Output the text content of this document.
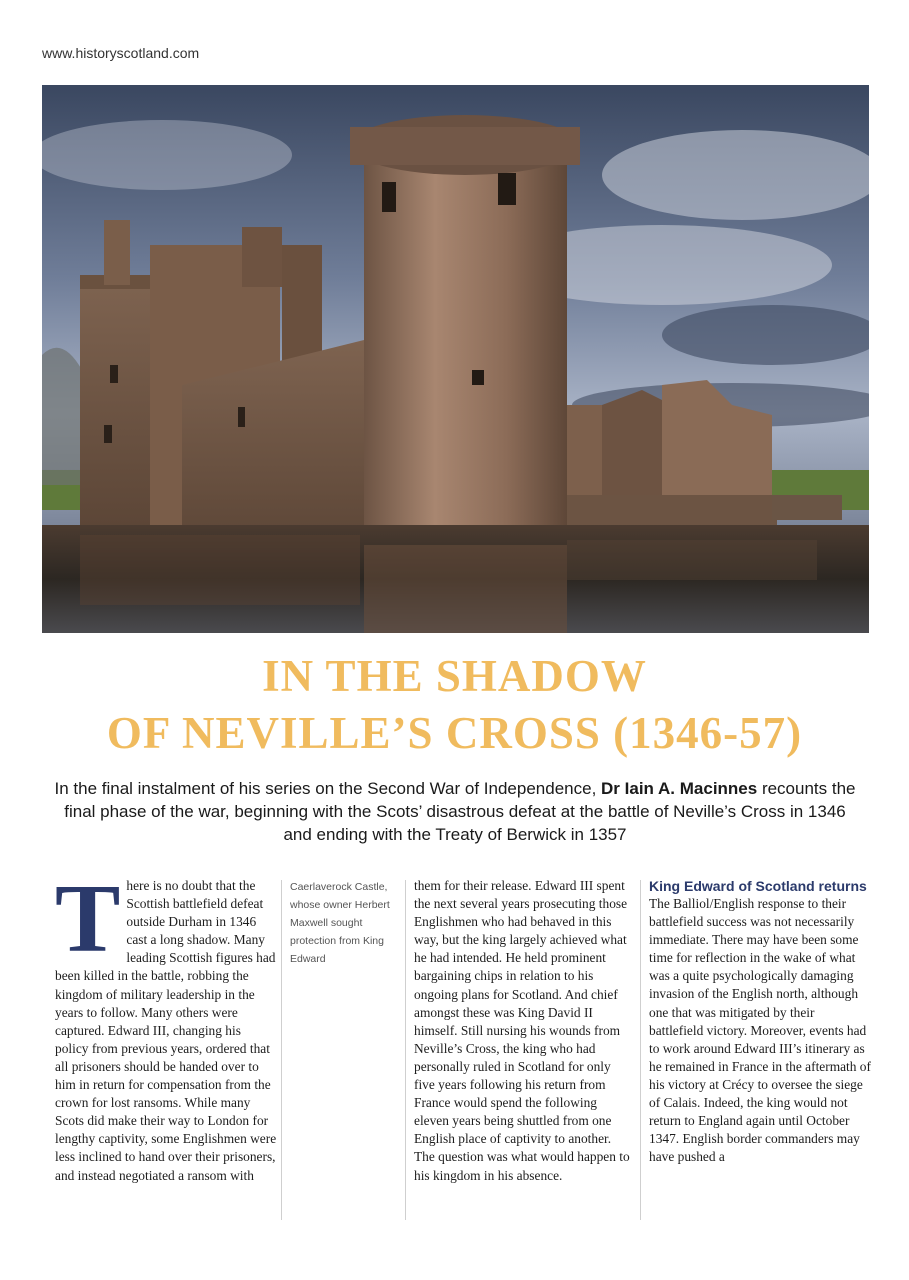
www.historyscotland.com
IN THE SHADOW
OF NEVILLE’S CROSS (1346-57)
In the final instalment of his series on the Second War of Independence, Dr Iain A. Macinnes recounts the final phase of the war, beginning with the Scots’ disastrous defeat at the battle of Neville’s Cross in 1346 and ending with the Treaty of Berwick in 1357
There is no doubt that the Scottish battlefield defeat outside Durham in 1346 cast a long shadow. Many leading Scottish figures had been killed in the battle, robbing the kingdom of military leadership in the years to follow. Many others were captured. Edward III, changing his policy from previous years, ordered that all prisoners should be handed over to him in return for compensation from the crown for lost ransoms. While many Scots did make their way to London for lengthy captivity, some Englishmen were less inclined to hand over their prisoners, and instead negotiated a ransom with
Caerlaverock Castle, whose owner Herbert Maxwell sought protection from King Edward
them for their release. Edward III spent the next several years prosecuting those Englishmen who had behaved in this way, but the king largely achieved what he had intended. He held prominent bargaining chips in relation to his ongoing plans for Scotland. And chief amongst these was King David II himself. Still nursing his wounds from Neville’s Cross, the king who had personally ruled in Scotland for only five years following his return from France would spend the following eleven years being shuttled from one English place of captivity to another. The question was what would happen to his kingdom in his absence.
King Edward of Scotland returns
The Balliol/English response to their battlefield success was not necessarily immediate. There may have been some time for reflection in the wake of what was a quite psychologically damaging invasion of the English north, although one that was mitigated by their battlefield victory. Moreover, events had to work around Edward III’s itinerary as he remained in France in the aftermath of his victory at Crécy to oversee the siege of Calais. Indeed, the king would not return to England again until October 1347. English border commanders may have pushed a
